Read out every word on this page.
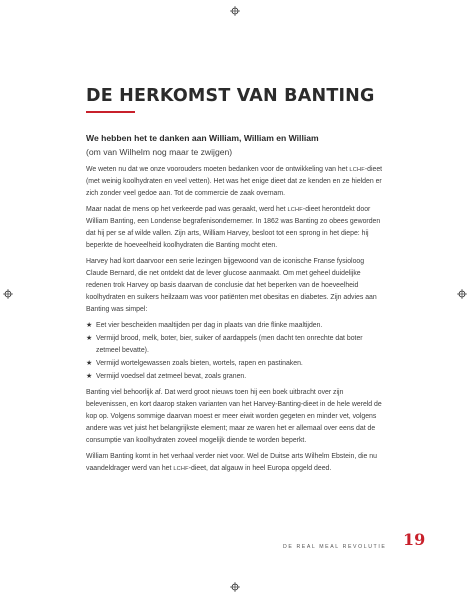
DE HERKOMST VAN BANTING
We hebben het te danken aan William, William en William
(om van Wilhelm nog maar te zwijgen)

We weten nu dat we onze voorouders moeten bedanken voor de ontwikkeling van het LCHF-dieet (met weinig koolhydraten en veel vetten). Het was het enige dieet dat ze kenden en ze hielden er zich zonder veel gedoe aan. Tot de commercie de zaak overnam.

Maar nadat de mens op het verkeerde pad was geraakt, werd het LCHF-dieet herontdekt door William Banting, een Londense begrafenisondernemer. In 1862 was Banting zo obees geworden dat hij per se af wilde vallen. Zijn arts, William Harvey, besloot tot een sprong in het diepe: hij beperkte de hoeveelheid koolhydraten die Banting mocht eten.

Harvey had kort daarvoor een serie lezingen bijgewoond van de iconische Franse fysioloog Claude Bernard, die net ontdekt dat de lever glucose aanmaakt. Om met geheel duidelijke redenen trok Harvey op basis daarvan de conclusie dat het beperken van de hoeveelheid koolhydraten en suikers heilzaam was voor patiënten met obesitas en diabetes. Zijn advies aan Banting was simpel:

★ Eet vier bescheiden maaltijden per dag in plaats van drie flinke maaltijden.
★ Vermijd brood, melk, boter, bier, suiker of aardappels (men dacht ten onrechte dat boter zetmeel bevatte).
★ Vermijd wortelgewassen zoals bieten, wortels, rapen en pastinaken.
★ Vermijd voedsel dat zetmeel bevat, zoals granen.

Banting viel behoorlijk af. Dat werd groot nieuws toen hij een boek uitbracht over zijn belevenissen, en kort daarop staken varianten van het Harvey-Banting-dieet in de hele wereld de kop op. Volgens sommige daarvan moest er meer eiwit worden gegeten en minder vet, volgens andere was vet juist het belangrijkste element; maar ze waren het er allemaal over eens dat de consumptie van koolhydraten zoveel mogelijk diende te worden beperkt.

William Banting komt in het verhaal verder niet voor. Wel de Duitse arts Wilhelm Ebstein, die nu vaandeldrager werd van het LCHF-dieet, dat algauw in heel Europa opgeld deed.

DE REAL MEAL REVOLUTIE 19
